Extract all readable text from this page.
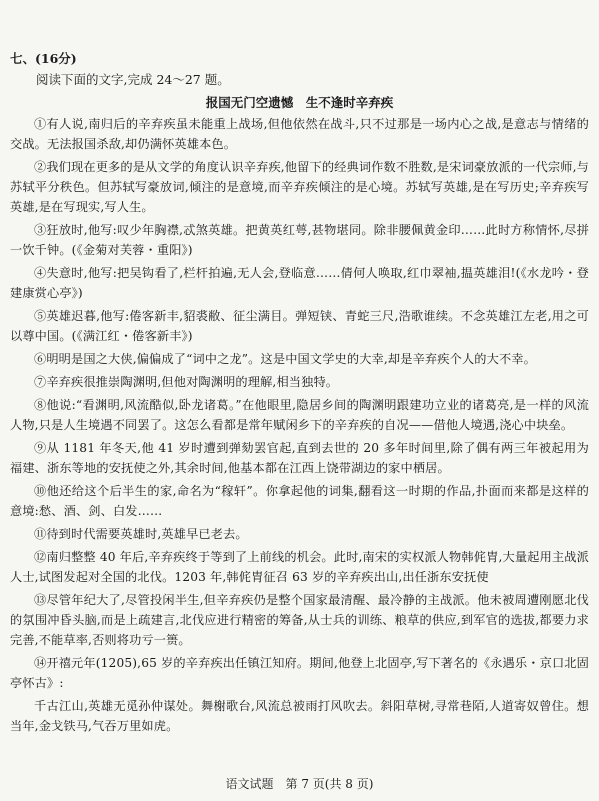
七、(16分)
阅读下面的文字,完成 24～27 题。
报国无门空遗憾　生不逢时辛弃疾

①有人说,南归后的辛弃疾虽未能重上战场,但他依然在战斗,只不过那是一场内心之战,是意志与情绪的交战。无法报国杀敌,却仍满怀英雄本色。

②我们现在更多的是从文学的角度认识辛弃疾,他留下的经典词作数不胜数,是宋词豪放派的一代宗师,与苏轼平分秩色。但苏轼写豪放词,倾注的是意境,而辛弃疾倾注的是心境。苏轼写英雄,是在写历史;辛弃疾写英雄,是在写现实,写人生。

③狂放时,他写:叹少年胸襟,忒煞英雄。把黄英红萼,甚物堪同。除非腰佩黄金印……此时方称情怀,尽拼一饮千钟。(《金菊对芙蓉・重阳》)

④失意时,他写:把吴钩看了,栏杆拍遍,无人会,登临意……倩何人唤取,红巾翠袖,揾英雄泪!(《水龙吟・登建康赏心亭》)

⑤英雄迟暮,他写:倦客新丰,貂裘敝、征尘满目。弹短铗、青蛇三尺,浩歌谁续。不念英雄江左老,用之可以尊中国。(《满江红・倦客新丰》)

⑥明明是国之大侠,偏偏成了“词中之龙”。这是中国文学史的大幸,却是辛弃疾个人的大不幸。

⑦辛弃疾很推崇陶渊明,但他对陶渊明的理解,相当独特。

⑧他说:“看渊明,风流酷似,卧龙诸葛。”在他眼里,隐居乡间的陶渊明跟建功立业的诸葛亮,是一样的风流人物,只是人生境遇不同罢了。这怎么看都是常年赋闲乡下的辛弃疾的自况——借他人境遇,浇心中块垒。

⑨从 1181 年冬天,他 41 岁时遭到弹劾罢官起,直到去世的 20 多年时间里,除了偶有两三年被起用为福建、浙东等地的安抚使之外,其余时间,他基本都在江西上饶带湖边的家中栖居。

⑩他还给这个后半生的家,命名为“稼轩”。你拿起他的词集,翻看这一时期的作品,扑面而来都是这样的意境:愁、酒、剑、白发……

⑪待到时代需要英雄时,英雄早已老去。

⑫南归整整 40 年后,辛弃疾终于等到了上前线的机会。此时,南宋的实权派人物韩侂胄,大量起用主战派人士,试图发起对全国的北伐。1203 年,韩侂胄征召 63 岁的辛弃疾出山,出任浙东安抚使

⑬尽管年纪大了,尽管投闲半生,但辛弃疾仍是整个国家最清醒、最冷静的主战派。他未被周遭刚愿北伐的氛围冲昏头脑,而是上疏建言,北伐应进行精密的筹备,从士兵的训练、粮草的供应,到军官的选拔,都要力求完善,不能草率,否则将功亏一篑。

⑭开禧元年(1205),65 岁的辛弃疾出任镇江知府。期间,他登上北固亭,写下著名的《永遇乐・京口北固亭怀古》:

千古江山,英雄无觅孙仲谋处。舞榭歌台,风流总被雨打风吹去。斜阳草树,寻常巷陌,人道寄奴曾住。想当年,金戈铁马,气吞万里如虎。

语文试题　第 7 页(共 8 页)
